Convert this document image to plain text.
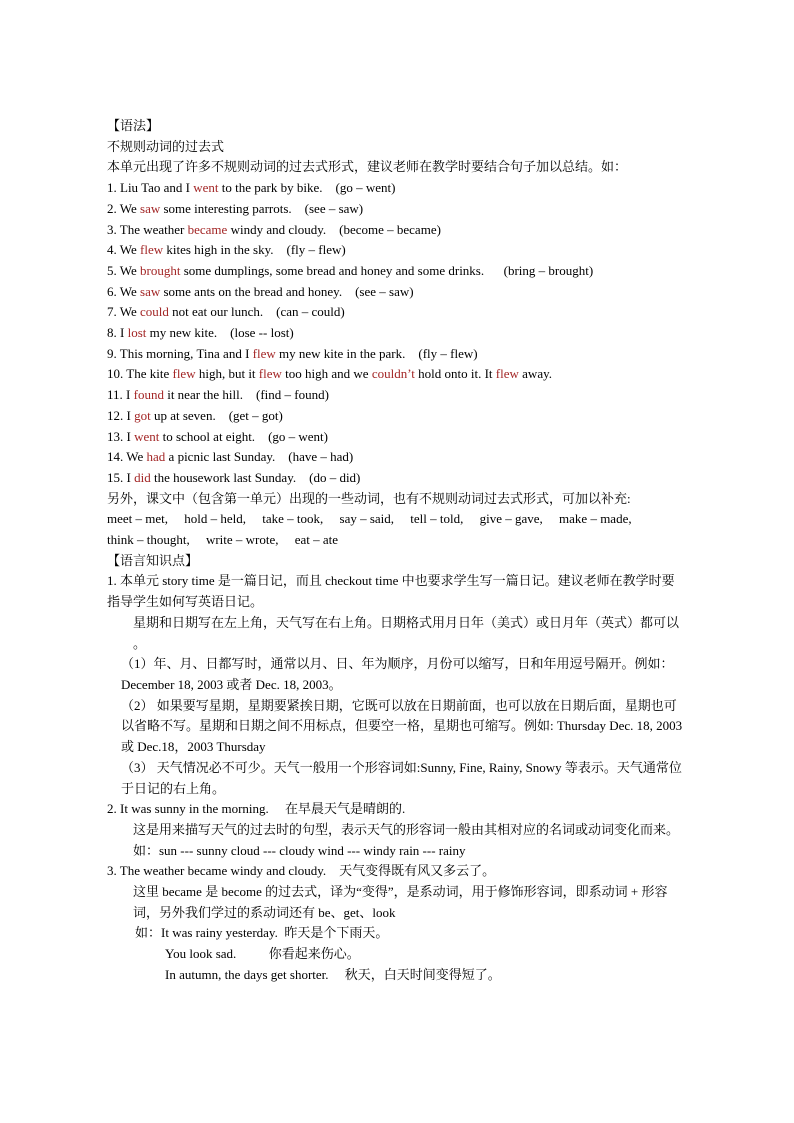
【语法】

不规则动词的过去式

本单元出现了许多不规则动词的过去式形式，建议老师在教学时要结合句子加以总结。如：

1. Liu Tao and I went to the park by bike.    (go – went)

2. We saw some interesting parrots.    (see – saw)

3. The weather became windy and cloudy.    (become – became)

4. We flew kites high in the sky.    (fly – flew)

5. We brought some dumplings, some bread and honey and some drinks.      (bring – brought)

6. We saw some ants on the bread and honey.    (see – saw)

7. We could not eat our lunch.    (can – could)

8. I lost my new kite.    (lose -- lost)

9. This morning, Tina and I flew my new kite in the park.    (fly – flew)

10. The kite flew high, but it flew too high and we couldn’t hold onto it. It flew away.

11. I found it near the hill.    (find – found)

12. I got up at seven.    (get – got)

13. I went to school at eight.    (go – went)

14. We had a picnic last Sunday.    (have – had)

15. I did the housework last Sunday.    (do – did)

另外，课文中（包含第一单元）出现的一些动词，也有不规则动词过去式形式，可加以补充:

meet – met,     hold – held,     take – took,     say – said,     tell – told,     give – gave,     make – made,

think – thought,     write – wrote,     eat – ate

【语言知识点】

1. 本单元 story time 是一篇日记，而且 checkout time 中也要求学生写一篇日记。建议老师在教学时要指导学生如何写英语日记。

星期和日期写在左上角，天气写在右上角。日期格式用月日年（美式）或日月年（英式）都可以 。

（1）年、月、日都写时，通常以月、日、年为顺序，月份可以缩写，日和年用逗号隔开。例如：December 18, 2003 或者 Dec. 18, 2003。

（2） 如果要写星期，星期要紧挨日期，它既可以放在日期前面，也可以放在日期后面，星期也可以省略不写。星期和日期之间不用标点，但要空一格，星期也可缩写。例如: Thursday Dec. 18, 2003 或 Dec.18，2003 Thursday

（3） 天气情况必不可少。天气一般用一个形容词如:Sunny, Fine, Rainy, Snowy 等表示。天气通常位于日记的右上角。

2. It was sunny in the morning.     在早晨天气是晴朗的.

这是用来描写天气的过去时的句型，表示天气的形容词一般由其相对应的名词或动词变化而来。如：sun --- sunny cloud --- cloudy wind --- windy rain --- rainy

3. The weather became windy and cloudy.    天气变得既有风又多云了。

这里 became 是 become 的过去式，译为“变得”，是系动词，用于修饰形容词，即系动词 + 形容词，另外我们学过的系动词还有 be、get、look

如：It was rainy yesterday.  昨天是个下雨天。

You look sad.          你看起来伤心。

In autumn, the days get shorter.     秋天，白天时间变得短了。
